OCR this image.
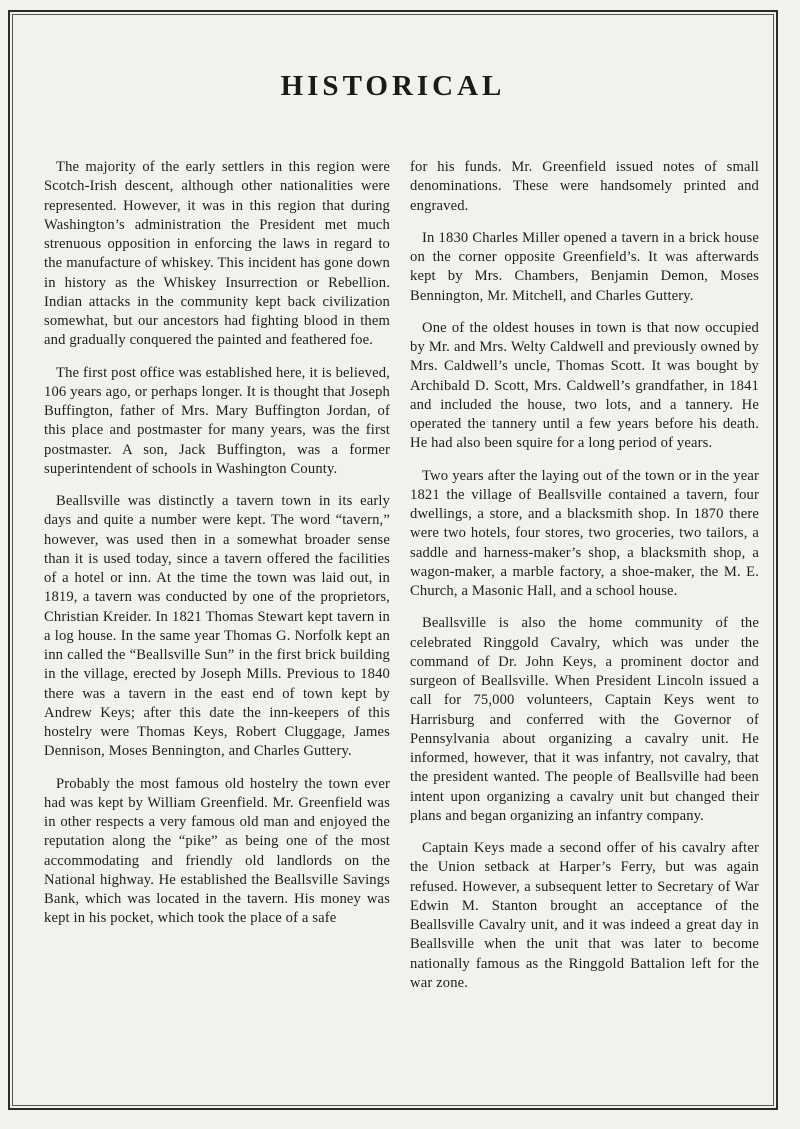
HISTORICAL

The majority of the early settlers in this region were Scotch-Irish descent, although other nationalities were represented. However, it was in this region that during Washington’s administration the President met much strenuous opposition in enforcing the laws in regard to the manufacture of whiskey. This incident has gone down in history as the Whiskey Insurrection or Rebellion. Indian attacks in the community kept back civilization somewhat, but our ancestors had fighting blood in them and gradually conquered the painted and feathered foe.

The first post office was established here, it is believed, 106 years ago, or perhaps longer. It is thought that Joseph Buffington, father of Mrs. Mary Buffington Jordan, of this place and postmaster for many years, was the first postmaster. A son, Jack Buffington, was a former superintendent of schools in Washington County.

Beallsville was distinctly a tavern town in its early days and quite a number were kept. The word “tavern,” however, was used then in a somewhat broader sense than it is used today, since a tavern offered the facilities of a hotel or inn. At the time the town was laid out, in 1819, a tavern was conducted by one of the proprietors, Christian Kreider. In 1821 Thomas Stewart kept tavern in a log house. In the same year Thomas G. Norfolk kept an inn called the “Beallsville Sun” in the first brick building in the village, erected by Joseph Mills. Previous to 1840 there was a tavern in the east end of town kept by Andrew Keys; after this date the inn-keepers of this hostelry were Thomas Keys, Robert Cluggage, James Dennison, Moses Bennington, and Charles Guttery.

Probably the most famous old hostelry the town ever had was kept by William Greenfield. Mr. Greenfield was in other respects a very famous old man and enjoyed the reputation along the “pike” as being one of the most accommodating and friendly old landlords on the National highway. He established the Beallsville Savings Bank, which was located in the tavern. His money was kept in his pocket, which took the place of a safe

for his funds. Mr. Greenfield issued notes of small denominations. These were handsomely printed and engraved.

In 1830 Charles Miller opened a tavern in a brick house on the corner opposite Greenfield’s. It was afterwards kept by Mrs. Chambers, Benjamin Demon, Moses Bennington, Mr. Mitchell, and Charles Guttery.

One of the oldest houses in town is that now occupied by Mr. and Mrs. Welty Caldwell and previously owned by Mrs. Caldwell’s uncle, Thomas Scott. It was bought by Archibald D. Scott, Mrs. Caldwell’s grandfather, in 1841 and included the house, two lots, and a tannery. He operated the tannery until a few years before his death. He had also been squire for a long period of years.

Two years after the laying out of the town or in the year 1821 the village of Beallsville contained a tavern, four dwellings, a store, and a blacksmith shop. In 1870 there were two hotels, four stores, two groceries, two tailors, a saddle and harness-maker’s shop, a blacksmith shop, a wagon-maker, a marble factory, a shoe-maker, the M. E. Church, a Masonic Hall, and a school house.

Beallsville is also the home community of the celebrated Ringgold Cavalry, which was under the command of Dr. John Keys, a prominent doctor and surgeon of Beallsville. When President Lincoln issued a call for 75,000 volunteers, Captain Keys went to Harrisburg and conferred with the Governor of Pennsylvania about organizing a cavalry unit. He informed, however, that it was infantry, not cavalry, that the president wanted. The people of Beallsville had been intent upon organizing a cavalry unit but changed their plans and began organizing an infantry company.

Captain Keys made a second offer of his cavalry after the Union setback at Harper’s Ferry, but was again refused. However, a subsequent letter to Secretary of War Edwin M. Stanton brought an acceptance of the Beallsville Cavalry unit, and it was indeed a great day in Beallsville when the unit that was later to become nationally famous as the Ringgold Battalion left for the war zone.
